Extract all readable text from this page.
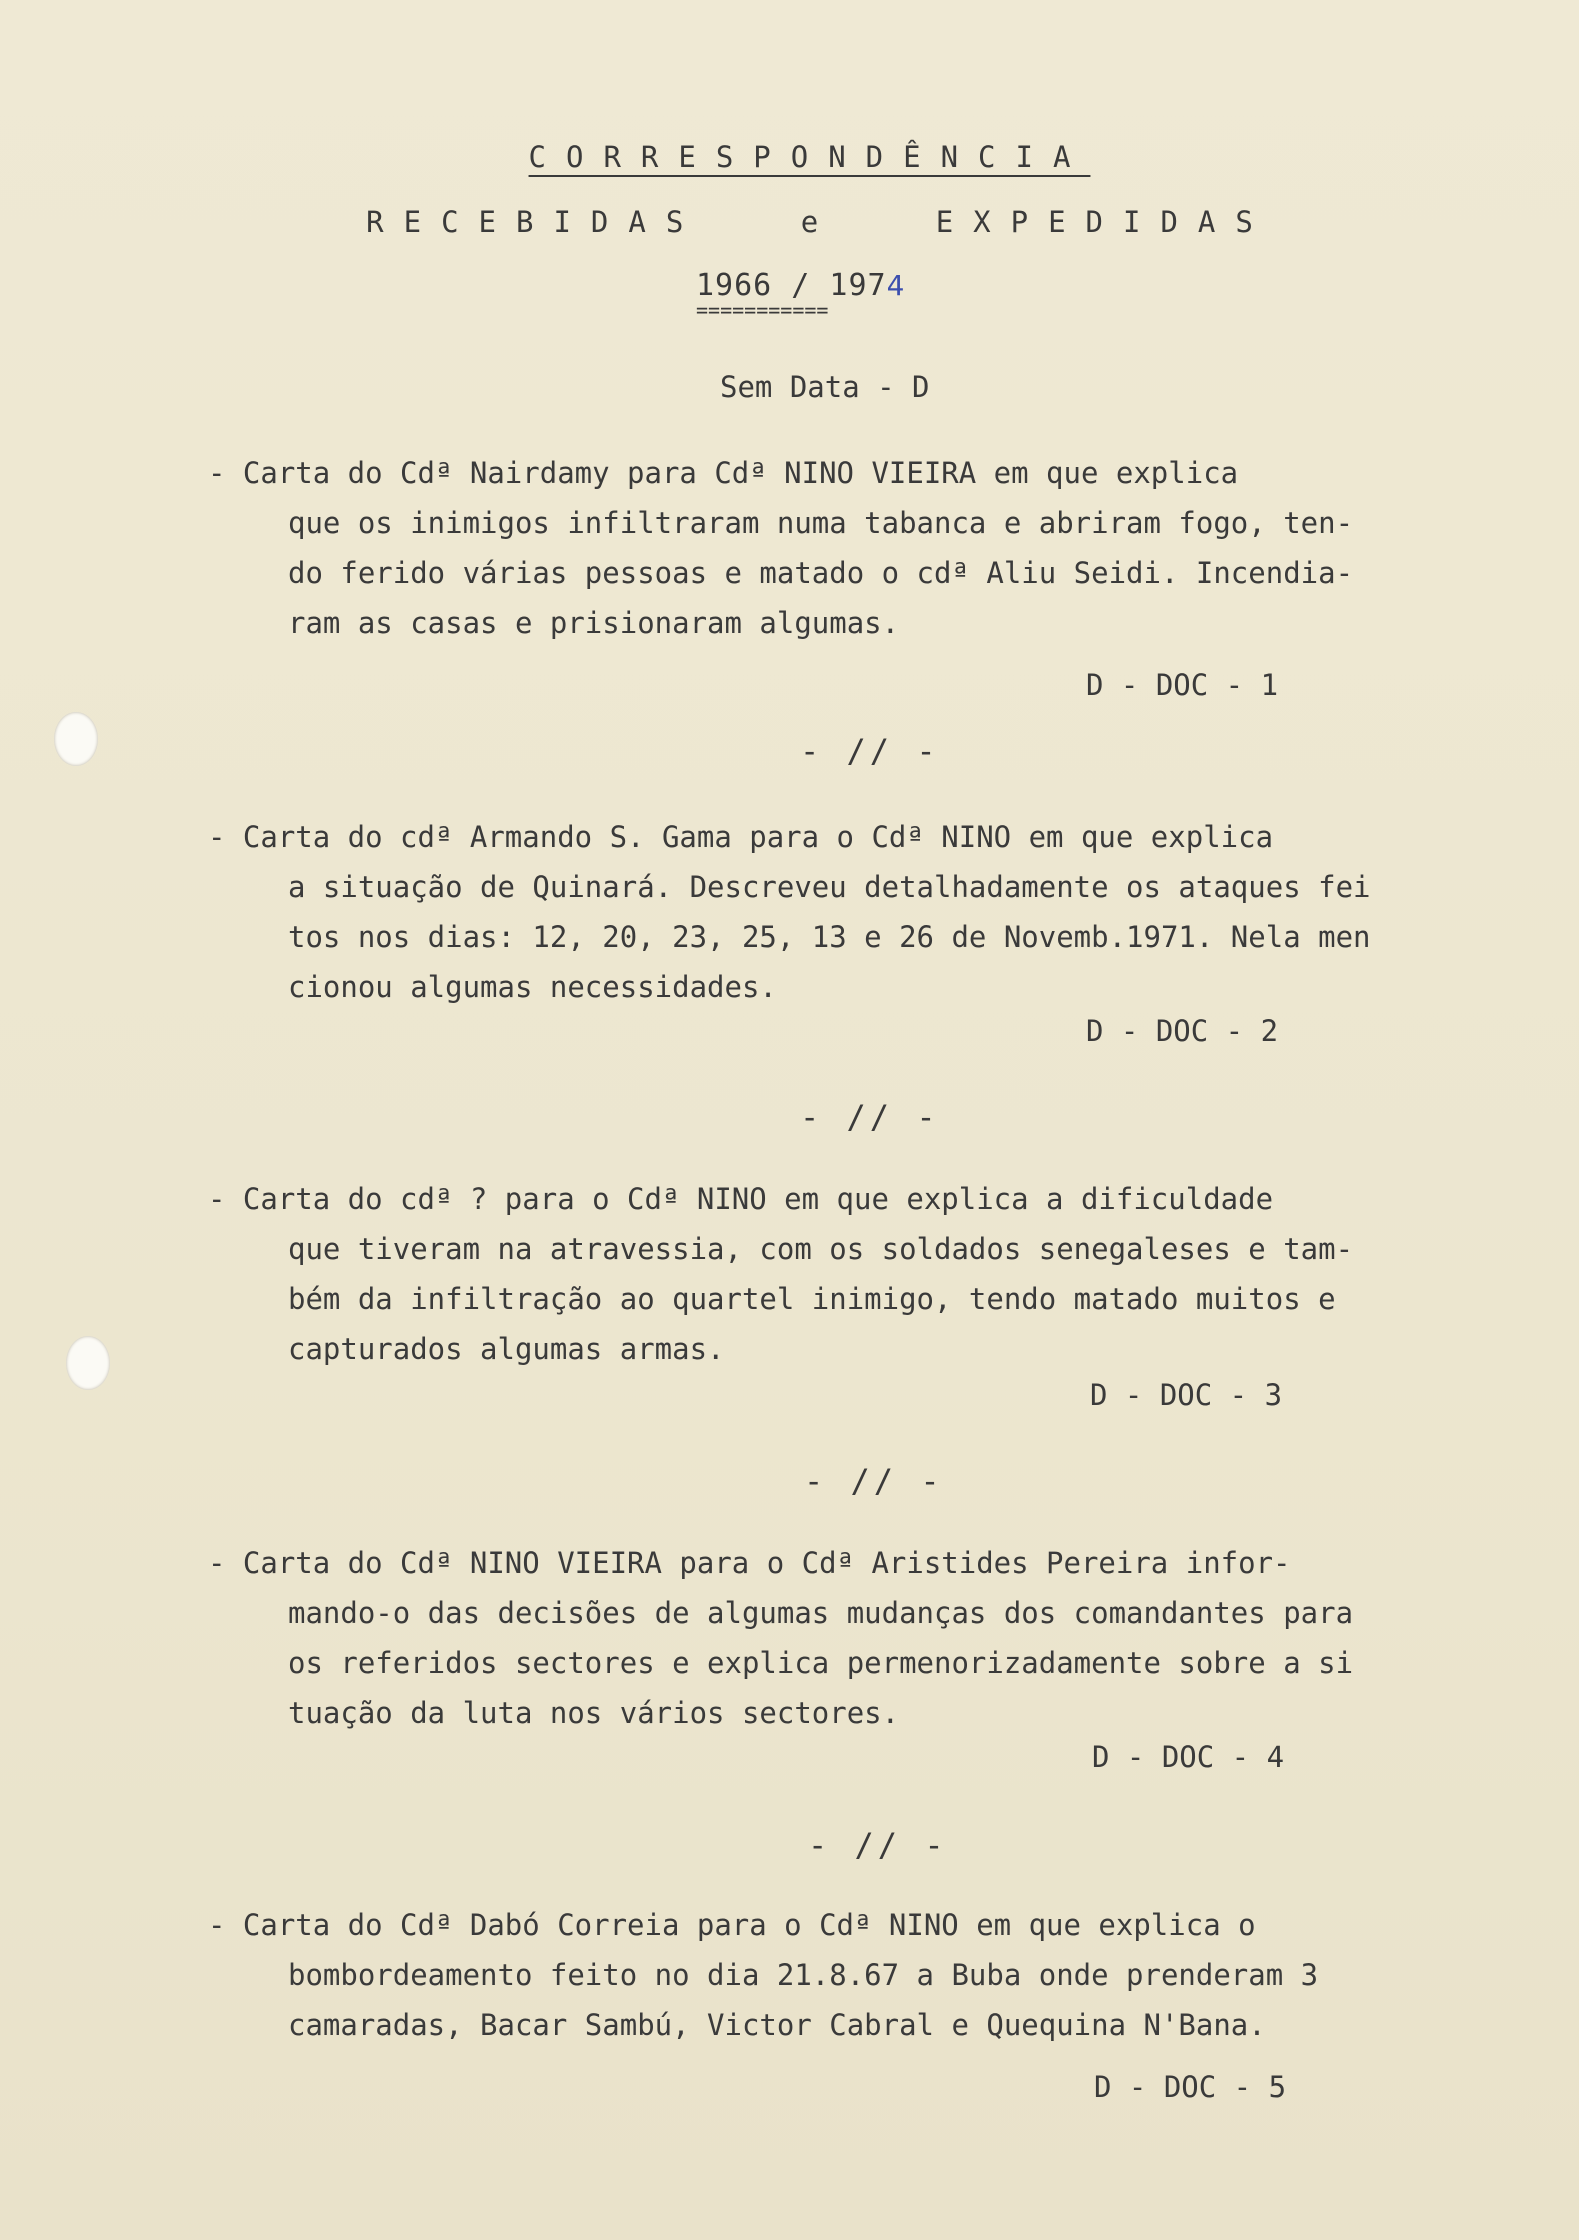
CORRESPONDÊNCIA
RECEBIDAS	e	EXPEDIDAS
1966 / 1974
===========
Sem Data - D

- Carta do Cdª Nairdamy para Cdª NINO VIEIRA em que explica

que os inimigos infiltraram numa tabanca e abriram fogo, ten-

do ferido várias pessoas e matado o cdª Aliu Seidi. Incendia-

ram as casas e prisionaram algumas.

D - DOC - 1
- // -

- Carta do cdª Armando S. Gama para o Cdª NINO em que explica

a situação de Quinará. Descreveu detalhadamente os ataques fei

tos nos dias: 12, 20, 23, 25, 13 e 26 de Novemb.1971. Nela men

cionou algumas necessidades.

D - DOC - 2
- // -

- Carta do cdª ? para o Cdª NINO em que explica a dificuldade

que tiveram na atravessia, com os soldados senegaleses e tam-

bém da infiltração ao quartel inimigo, tendo matado muitos e

capturados algumas armas.

D - DOC - 3
- // -

- Carta do Cdª NINO VIEIRA para o Cdª Aristides Pereira infor-

mando-o das decisões de algumas mudanças dos comandantes para

os referidos sectores e explica permenorizadamente sobre a si

tuação da luta nos vários sectores.

D - DOC - 4
- // -

- Carta do Cdª Dabó Correia para o Cdª NINO em que explica o

bombordeamento feito no dia 21.8.67 a Buba onde prenderam 3

camaradas, Bacar Sambú, Victor Cabral e Quequina N'Bana.

D - DOC - 5
